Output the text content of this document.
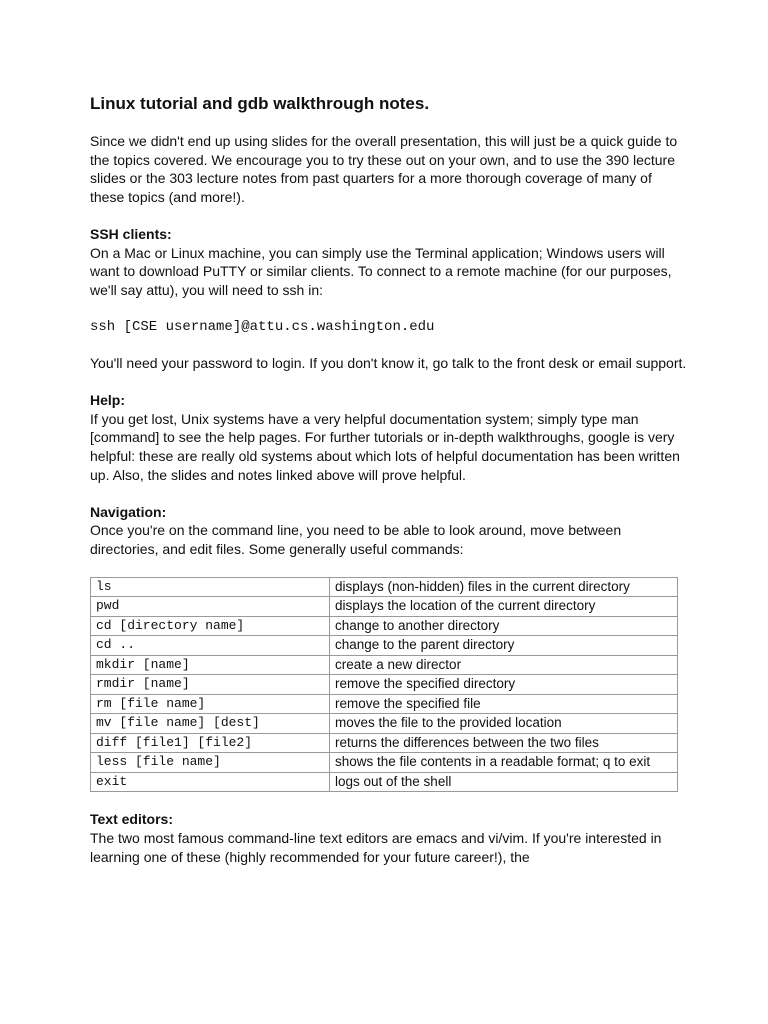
Linux tutorial and gdb walkthrough notes.

Since we didn't end up using slides for the overall presentation, this will just be a quick guide to the topics covered. We encourage you to try these out on your own, and to use the 390 lecture slides or the 303 lecture notes from past quarters for a more thorough coverage of many of these topics (and more!).

SSH clients:

On a Mac or Linux machine, you can simply use the Terminal application; Windows users will want to download PuTTY or similar clients. To connect to a remote machine (for our purposes, we'll say attu), you will need to ssh in:

ssh [CSE username]@attu.cs.washington.edu

You'll need your password to login. If you don't know it, go talk to the front desk or email support.

Help:

If you get lost, Unix systems have a very helpful documentation system; simply type man [command] to see the help pages. For further tutorials or in-depth walkthroughs, google is very helpful: these are really old systems about which lots of helpful documentation has been written up. Also, the slides and notes linked above will prove helpful.

Navigation:

Once you're on the command line, you need to be able to look around, move between directories, and edit files. Some generally useful commands:

ls	displays (non-hidden) files in the current directory
pwd	displays the location of the current directory
cd [directory name]	change to another directory
cd ..	change to the parent directory
mkdir [name]	create a new director
rmdir [name]	remove the specified directory
rm [file name]	remove the specified file
mv [file name] [dest]	moves the file to the provided location
diff [file1] [file2]	returns the differences between the two files
less [file name]	shows the file contents in a readable format; q to exit
exit	logs out of the shell
Text editors:

The two most famous command-line text editors are emacs and vi/vim. If you're interested in learning one of these (highly recommended for your future career!), the
